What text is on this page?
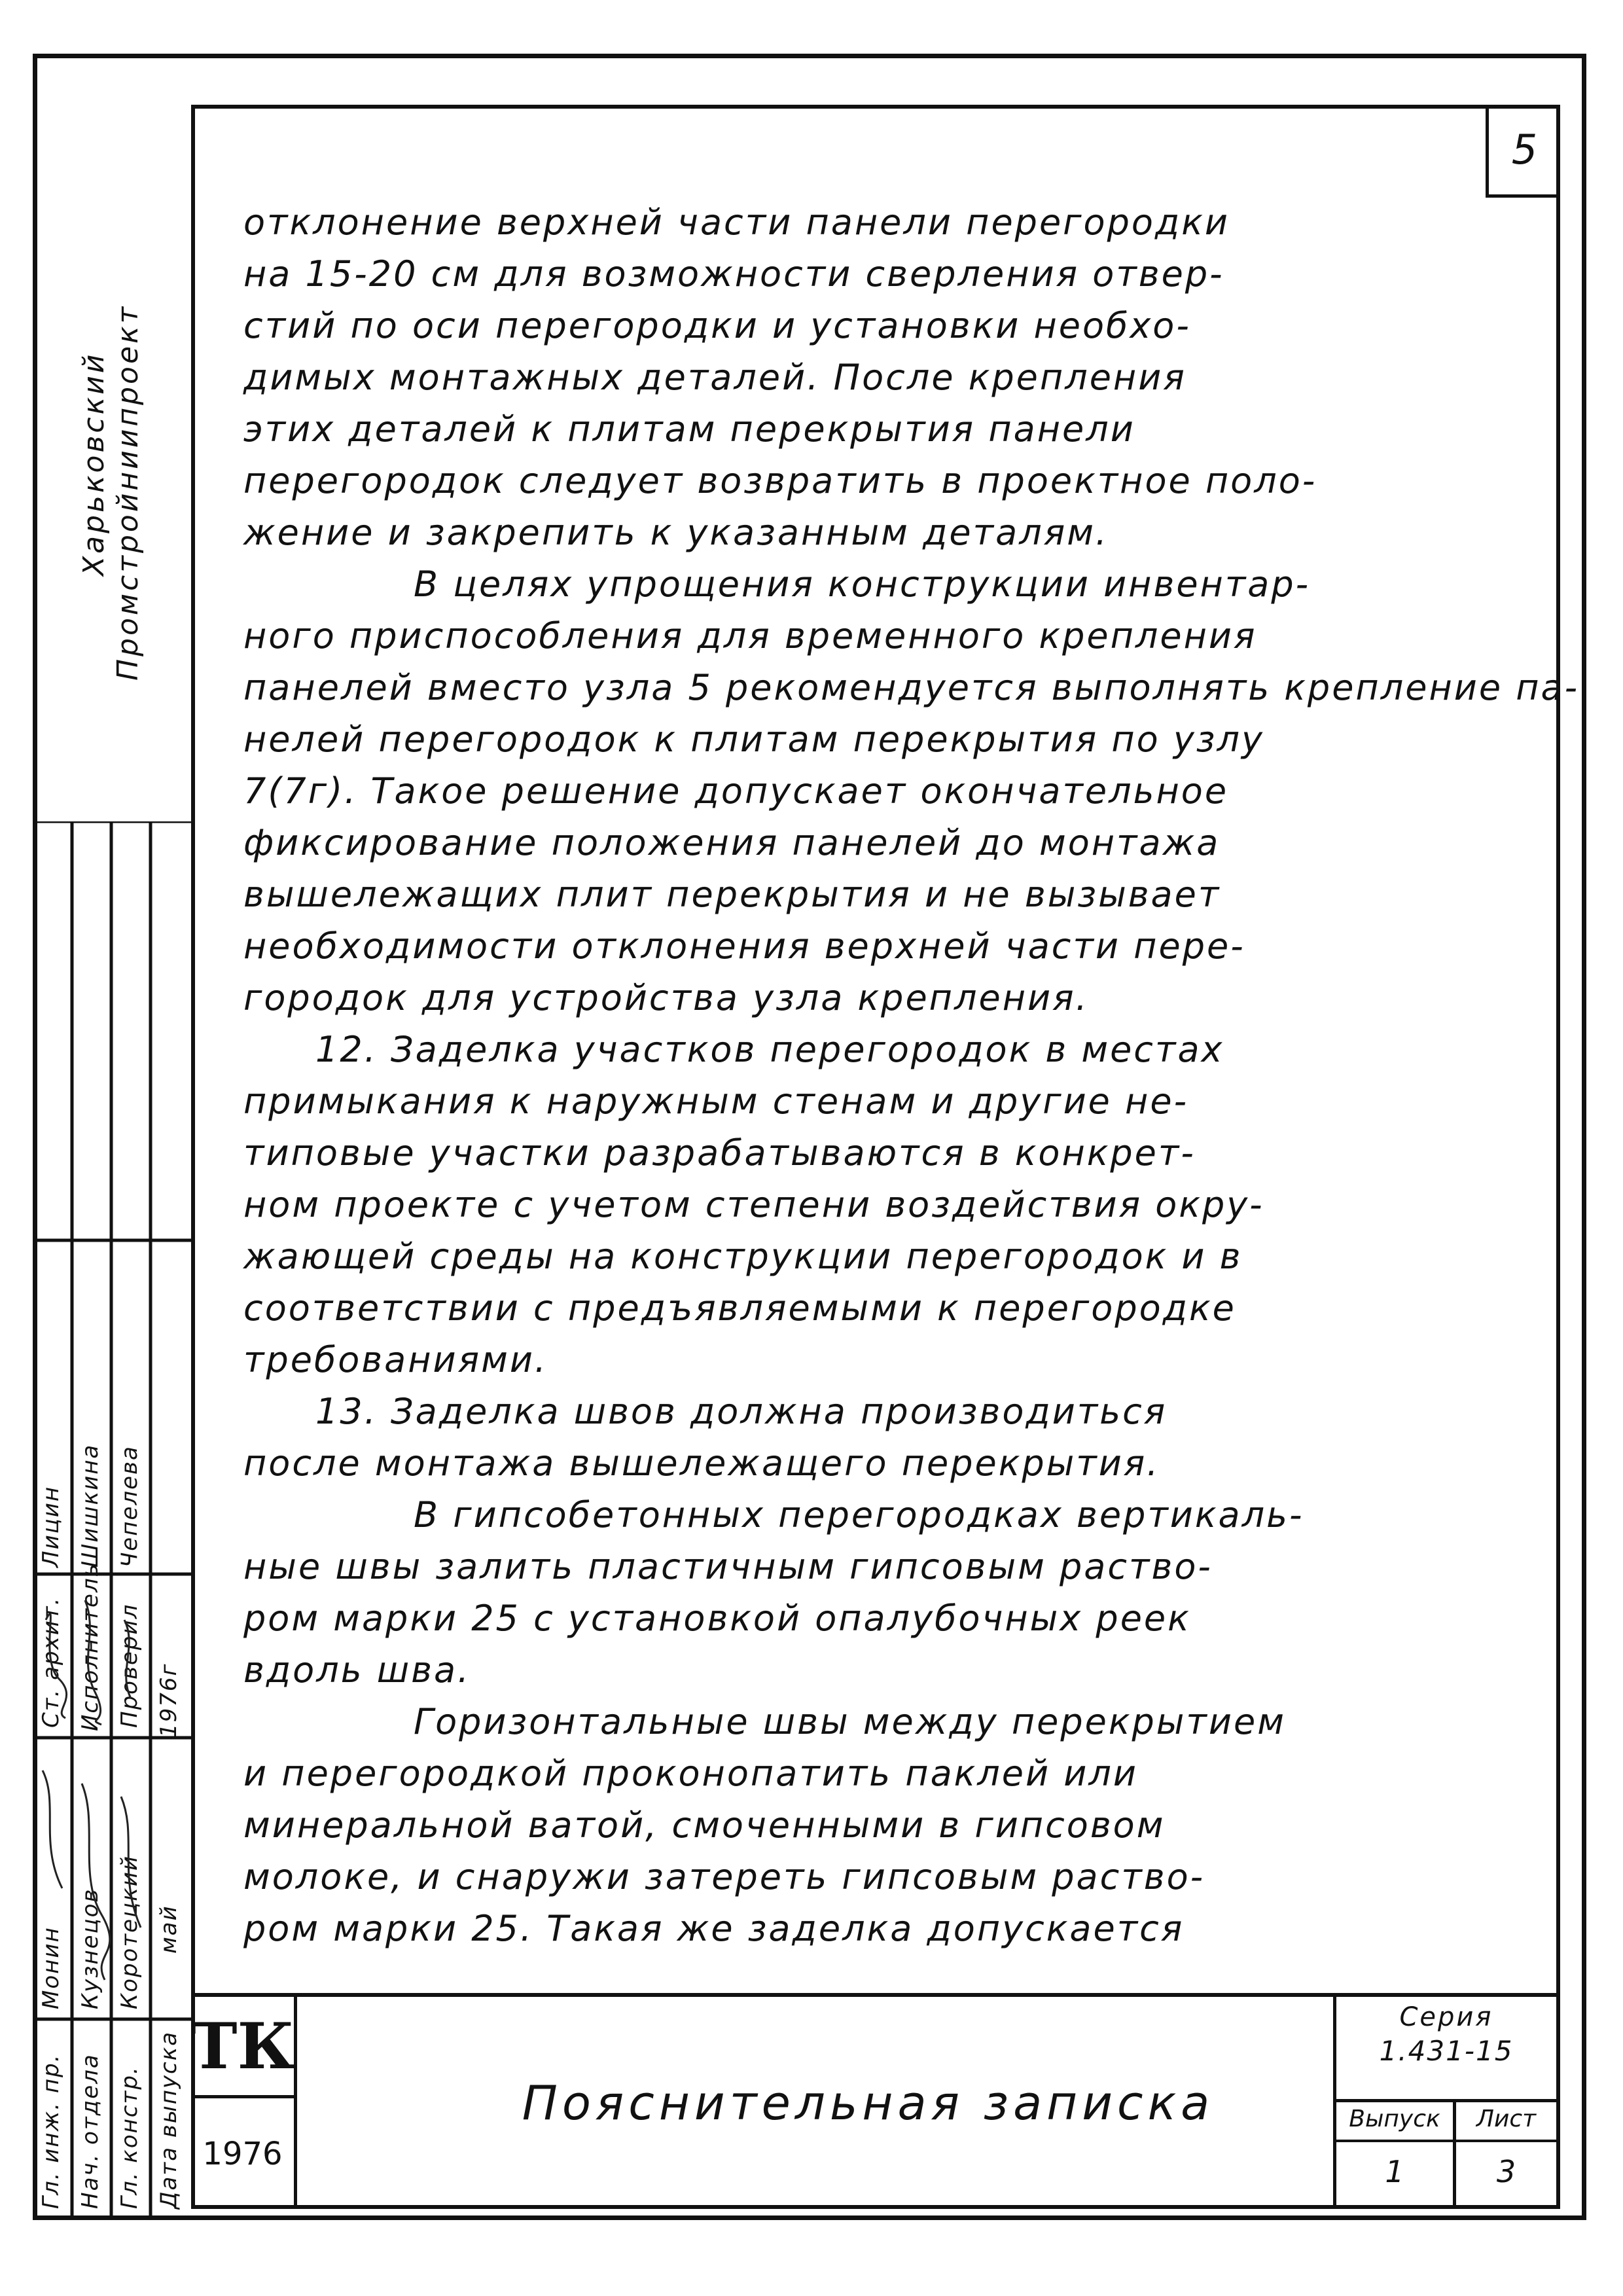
5
Харьковский Промстройниипроект
отклонение верхней части панели перегородки
на 15-20 см для возможности сверления отвер-
стий по оси перегородки и установки необхо-
димых монтажных деталей. После крепления
этих деталей к плитам перекрытия панели
перегородок следует возвратить в проектное поло-
жение и закрепить к указанным деталям.
В целях упрощения конструкции инвентар-
ного приспособления для временного крепления
панелей вместо узла 5 рекомендуется выполнять крепление па-
нелей перегородок к плитам перекрытия по узлу
7(7г). Такое решение допускает окончательное
фиксирование положения панелей до монтажа
вышележащих плит перекрытия и не вызывает
необходимости отклонения верхней части пере-
городок для устройства узла крепления.
12. Заделка участков перегородок в местах
примыкания к наружным стенам и другие не-
типовые участки разрабатываются в конкрет-
ном проекте с учетом степени воздействия окру-
жающей среды на конструкции перегородок и в
соответствии с предъявляемыми к перегородке
требованиями.
13. Заделка швов должна производиться
после монтажа вышележащего перекрытия.
В гипсобетонных перегородках вертикаль-
ные швы залить пластичным гипсовым раство-
ром марки 25 с установкой опалубочных реек
вдоль шва.
Горизонтальные швы между перекрытием
и перегородкой проконопатить паклей или
минеральной ватой, смоченными в гипсовом
молоке, и снаружи затереть гипсовым раство-
ром марки 25. Такая же заделка допускается
Гл. инж. пр. Нач. отдела Гл. констр. Дата выпуска
Монин Кузнецов Коротецкий май
Ст. архит. Исполнитель Проверил 1976г
Лицин Шишкина Чепелева
ТК
1976
Пояснительная записка
Серия
1.431-15
Выпуск	Лист
1	3
